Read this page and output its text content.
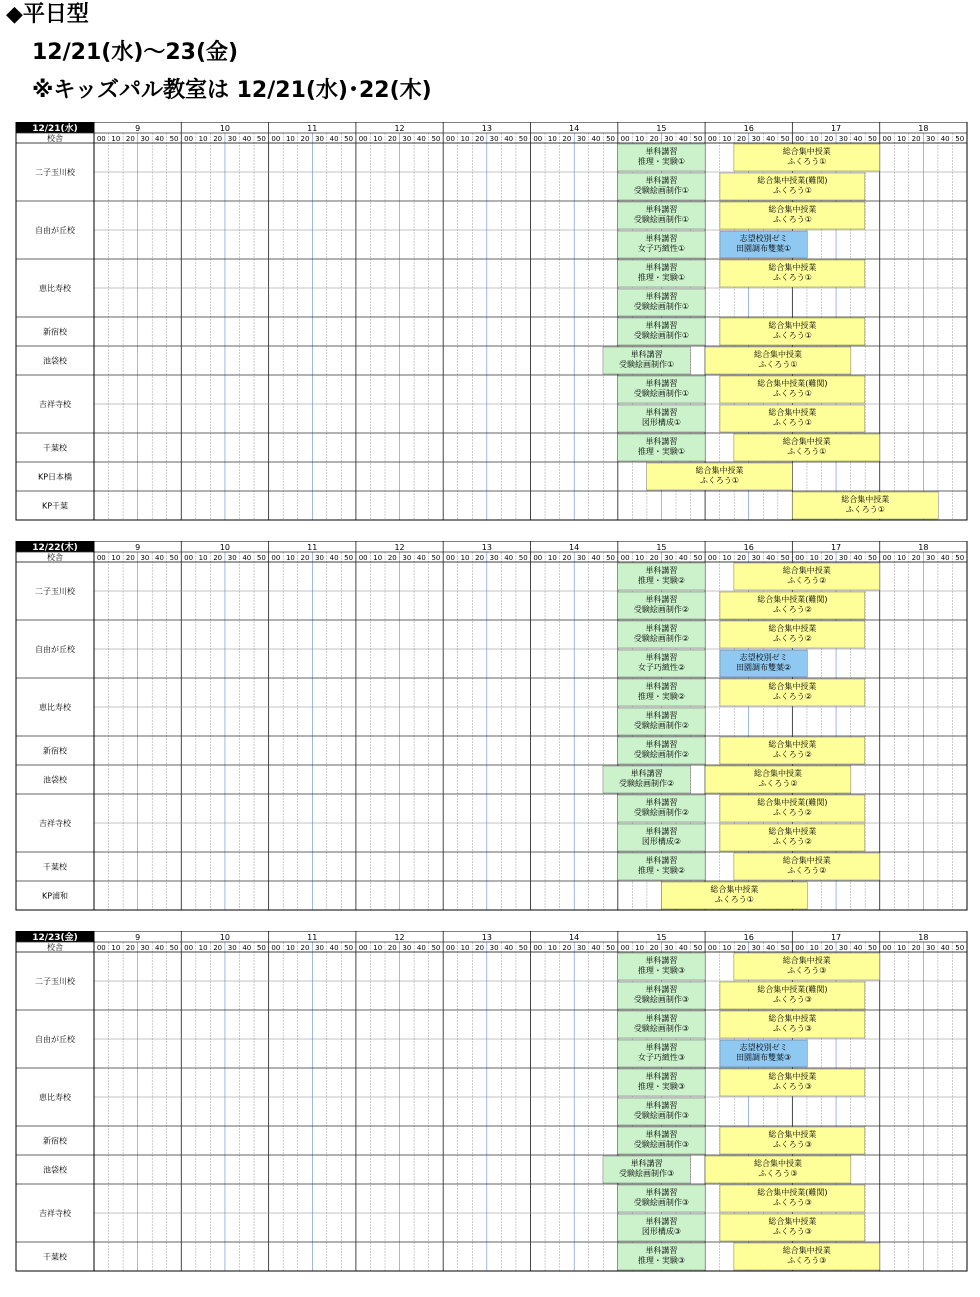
◆平日型
12/21(水)～23(金)
※キッズパル教室は 12/21(水)･22(木)
12/21(水)
校舎
9
00 10 20 30 40 50
10
00 10 20 30 40 50
11
00 10 20 30 40 50
12
00 10 20 30 40 50
13
00 10 20 30 40 50
14
00 10 20 30 40 50
15
00 10 20 30 40 50
16
00 10 20 30 40 50
17
00 10 20 30 40 50
18
00 10 20 30 40 50
二子玉川校
単科講習
推理・実験①
総合集中授業
ふくろう①
単科講習
受験絵画制作①
総合集中授業(難関)
ふくろう①
自由が丘校
単科講習
受験絵画制作①
総合集中授業
ふくろう①
単科講習
女子巧緻性①
志望校別ゼミ
田園調布雙葉①
恵比寿校
単科講習
推理・実験①
総合集中授業
ふくろう①
単科講習
受験絵画制作①
新宿校
単科講習
受験絵画制作①
総合集中授業
ふくろう①
池袋校
単科講習
受験絵画制作①
総合集中授業
ふくろう①
吉祥寺校
単科講習
受験絵画制作①
総合集中授業(難関)
ふくろう①
単科講習
図形構成①
総合集中授業
ふくろう①
千葉校
単科講習
推理・実験①
総合集中授業
ふくろう①
KP日本橋
総合集中授業
ふくろう①
KP千葉
総合集中授業
ふくろう①
12/22(木)
校舎
9
00 10 20 30 40 50
10
00 10 20 30 40 50
11
00 10 20 30 40 50
12
00 10 20 30 40 50
13
00 10 20 30 40 50
14
00 10 20 30 40 50
15
00 10 20 30 40 50
16
00 10 20 30 40 50
17
00 10 20 30 40 50
18
00 10 20 30 40 50
二子玉川校
単科講習
推理・実験②
総合集中授業
ふくろう②
単科講習
受験絵画制作②
総合集中授業(難関)
ふくろう②
自由が丘校
単科講習
受験絵画制作②
総合集中授業
ふくろう②
単科講習
女子巧緻性②
志望校別ゼミ
田園調布雙葉②
恵比寿校
単科講習
推理・実験②
総合集中授業
ふくろう②
単科講習
受験絵画制作②
新宿校
単科講習
受験絵画制作②
総合集中授業
ふくろう②
池袋校
単科講習
受験絵画制作②
総合集中授業
ふくろう②
吉祥寺校
単科講習
受験絵画制作②
総合集中授業(難関)
ふくろう②
単科講習
図形構成②
総合集中授業
ふくろう②
千葉校
単科講習
推理・実験②
総合集中授業
ふくろう②
KP浦和
総合集中授業
ふくろう①
12/23(金)
校舎
9
00 10 20 30 40 50
10
00 10 20 30 40 50
11
00 10 20 30 40 50
12
00 10 20 30 40 50
13
00 10 20 30 40 50
14
00 10 20 30 40 50
15
00 10 20 30 40 50
16
00 10 20 30 40 50
17
00 10 20 30 40 50
18
00 10 20 30 40 50
二子玉川校
単科講習
推理・実験③
総合集中授業
ふくろう③
単科講習
受験絵画制作③
総合集中授業(難関)
ふくろう③
自由が丘校
単科講習
受験絵画制作③
総合集中授業
ふくろう③
単科講習
女子巧緻性③
志望校別ゼミ
田園調布雙葉③
恵比寿校
単科講習
推理・実験③
総合集中授業
ふくろう③
単科講習
受験絵画制作③
新宿校
単科講習
受験絵画制作③
総合集中授業
ふくろう③
池袋校
単科講習
受験絵画制作③
総合集中授業
ふくろう③
吉祥寺校
単科講習
受験絵画制作③
総合集中授業(難関)
ふくろう③
単科講習
図形構成③
総合集中授業
ふくろう③
千葉校
単科講習
推理・実験③
総合集中授業
ふくろう③
